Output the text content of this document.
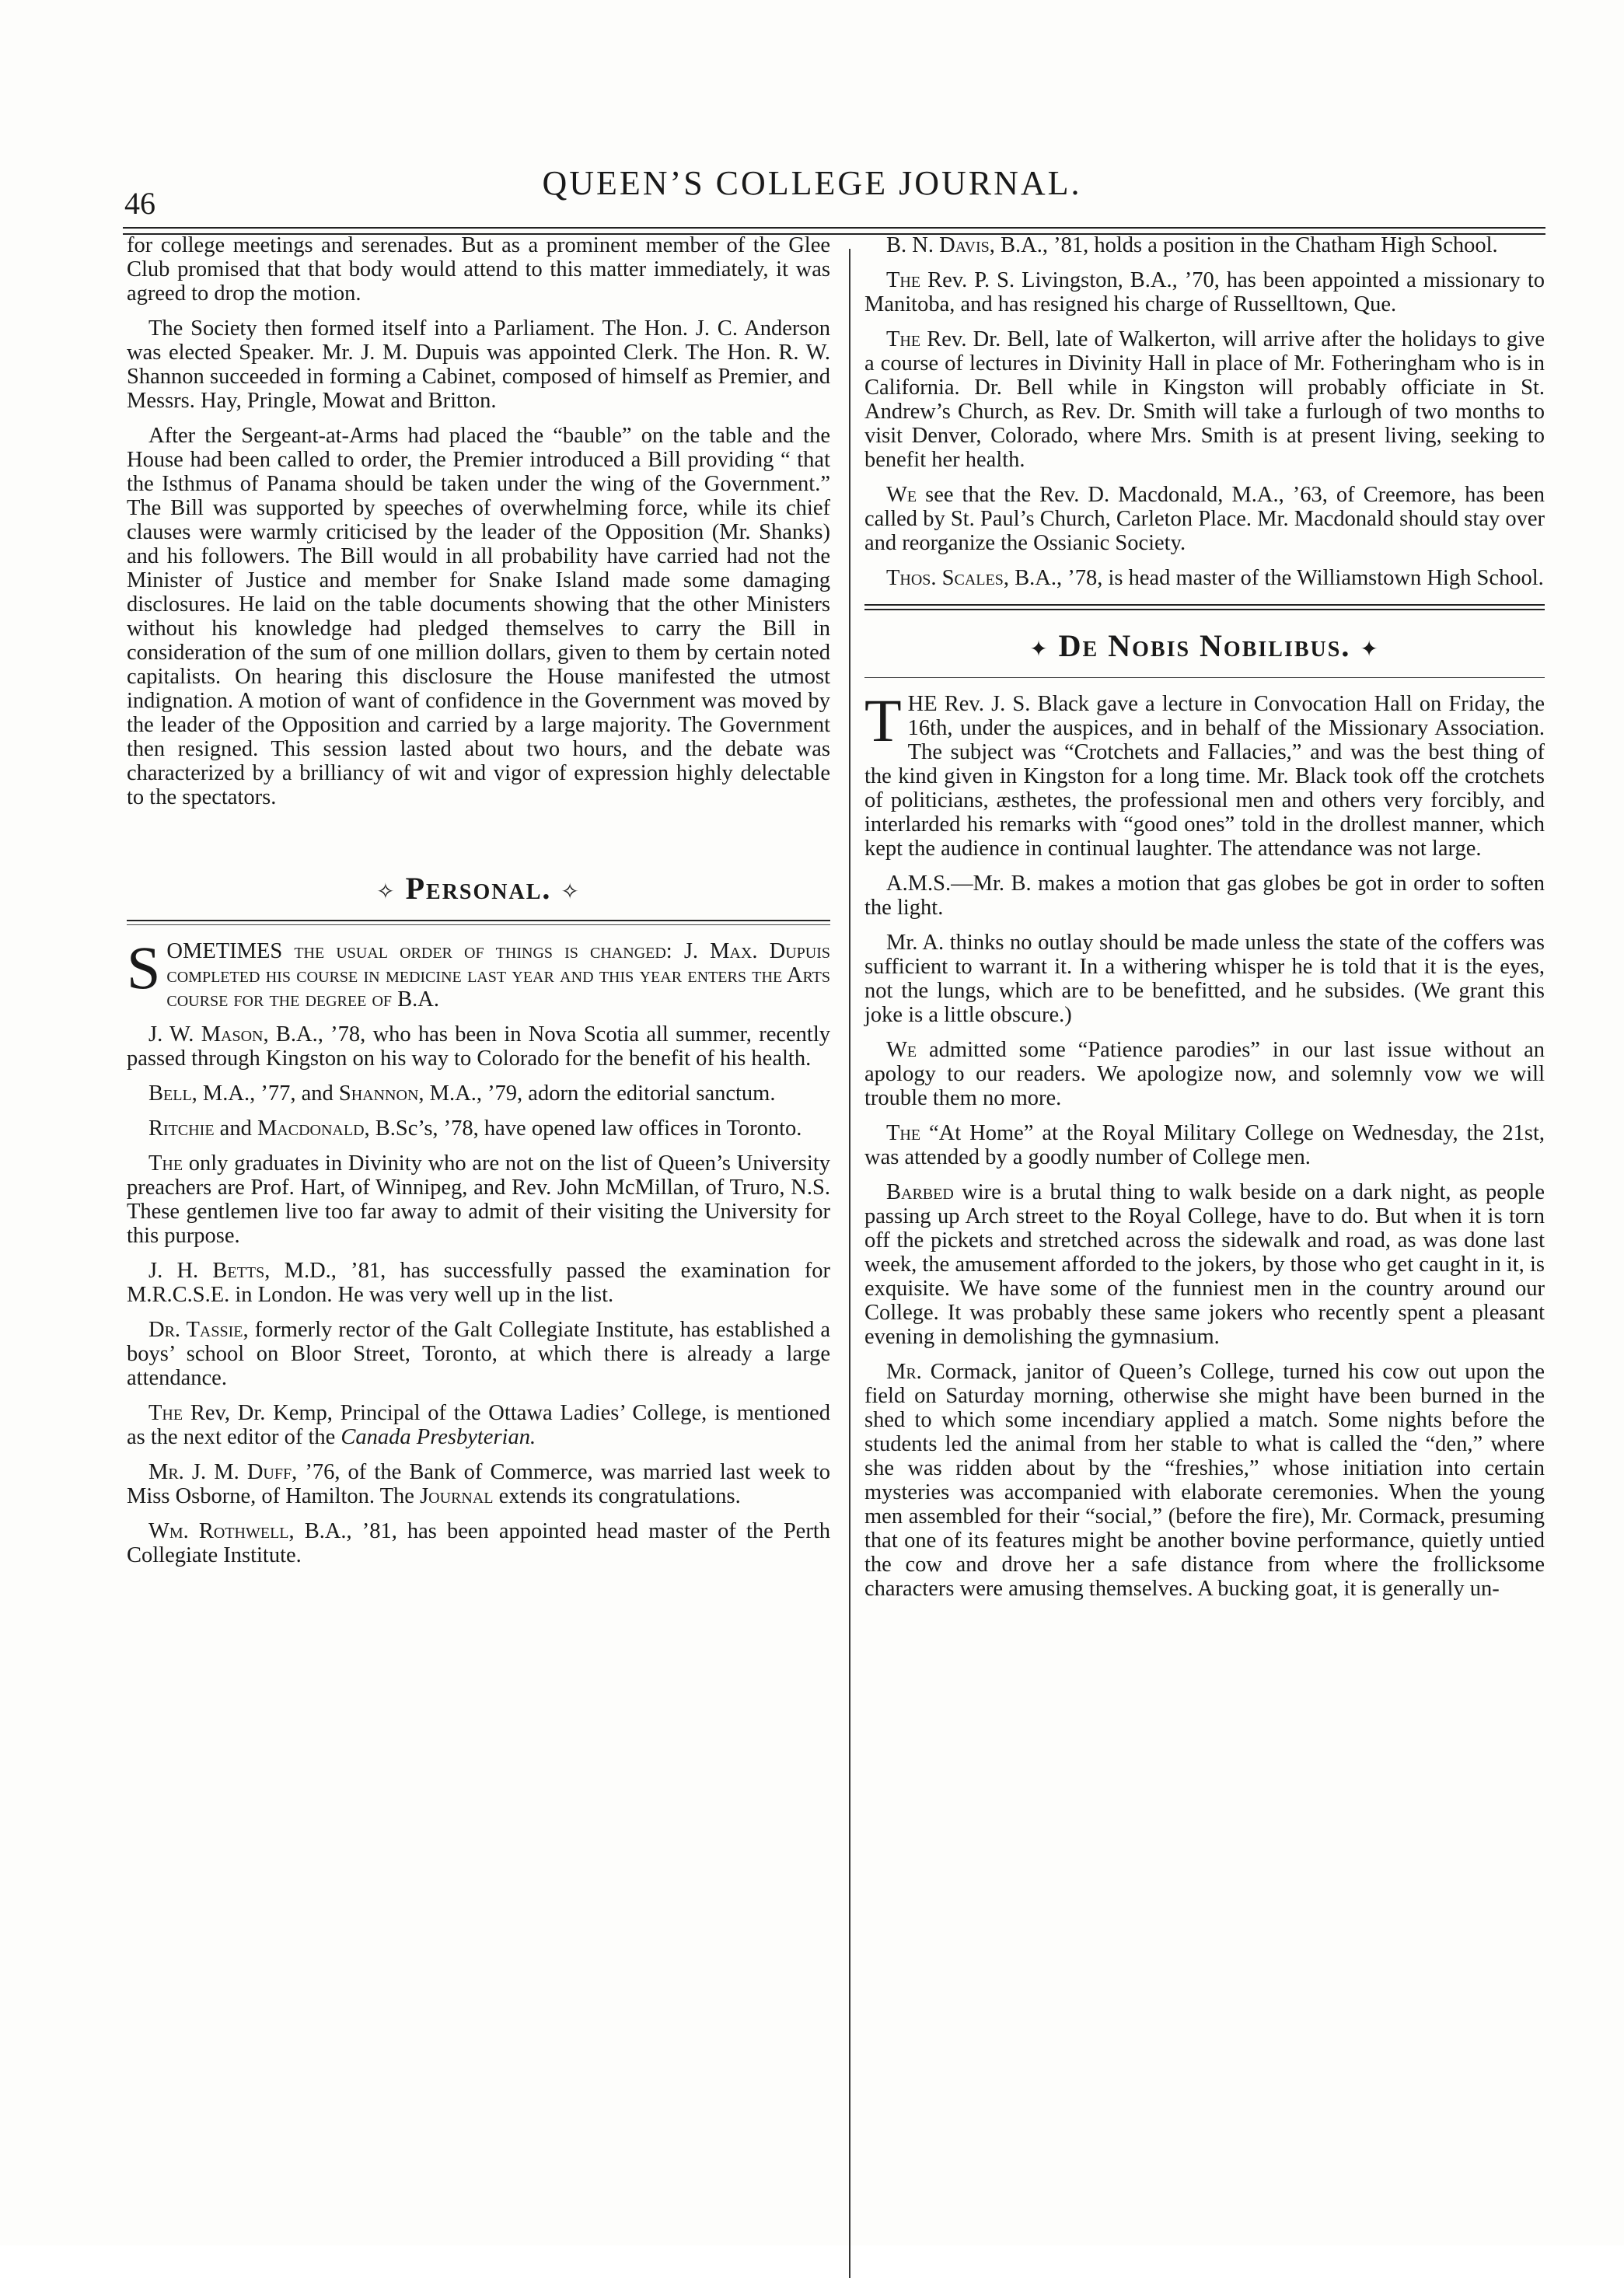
46
QUEEN’S COLLEGE JOURNAL.

for college meetings and serenades. But as a prominent member of the Glee Club promised that that body would attend to this matter immediately, it was agreed to drop the motion.

The Society then formed itself into a Parliament. The Hon. J. C. Anderson was elected Speaker. Mr. J. M. Dupuis was appointed Clerk. The Hon. R. W. Shannon succeeded in forming a Cabinet, composed of himself as Premier, and Messrs. Hay, Pringle, Mowat and Britton.

After the Sergeant-at-Arms had placed the “bauble” on the table and the House had been called to order, the Premier introduced a Bill providing “ that the Isthmus of Panama should be taken under the wing of the Government.” The Bill was supported by speeches of overwhelming force, while its chief clauses were warmly criticised by the leader of the Opposition (Mr. Shanks) and his followers. The Bill would in all probability have carried had not the Minister of Justice and member for Snake Island made some damaging disclosures. He laid on the table documents showing that the other Ministers without his knowledge had pledged themselves to carry the Bill in consideration of the sum of one million dollars, given to them by certain noted capitalists. On hearing this disclosure the House manifested the utmost indignation. A motion of want of confidence in the Government was moved by the leader of the Opposition and carried by a large majority. The Government then resigned. This session lasted about two hours, and the debate was characterized by a brilliancy of wit and vigor of expression highly delectable to the spectators.

✧ Personal. ✧

SOMETIMES the usual order of things is changed: J. Max. Dupuis completed his course in medicine last year and this year enters the Arts course for the degree of B.A.

J. W. Mason, B.A., ’78, who has been in Nova Scotia all summer, recently passed through Kingston on his way to Colorado for the benefit of his health.

Bell, M.A., ’77, and Shannon, M.A., ’79, adorn the editorial sanctum.

Ritchie and Macdonald, B.Sc’s, ’78, have opened law offices in Toronto.

The only graduates in Divinity who are not on the list of Queen’s University preachers are Prof. Hart, of Winnipeg, and Rev. John McMillan, of Truro, N.S. These gentlemen live too far away to admit of their visiting the University for this purpose.

J. H. Betts, M.D., ’81, has successfully passed the examination for M.R.C.S.E. in London. He was very well up in the list.

Dr. Tassie, formerly rector of the Galt Collegiate Institute, has established a boys’ school on Bloor Street, Toronto, at which there is already a large attendance.

The Rev, Dr. Kemp, Principal of the Ottawa Ladies’ College, is mentioned as the next editor of the Canada Presbyterian.

Mr. J. M. Duff, ’76, of the Bank of Commerce, was married last week to Miss Osborne, of Hamilton. The Journal extends its congratulations.

Wm. Rothwell, B.A., ’81, has been appointed head master of the Perth Collegiate Institute.

B. N. Davis, B.A., ’81, holds a position in the Chatham High School.

The Rev. P. S. Livingston, B.A., ’70, has been appointed a missionary to Manitoba, and has resigned his charge of Russelltown, Que.

The Rev. Dr. Bell, late of Walkerton, will arrive after the holidays to give a course of lectures in Divinity Hall in place of Mr. Fotheringham who is in California. Dr. Bell while in Kingston will probably officiate in St. Andrew’s Church, as Rev. Dr. Smith will take a furlough of two months to visit Denver, Colorado, where Mrs. Smith is at present living, seeking to benefit her health.

We see that the Rev. D. Macdonald, M.A., ’63, of Creemore, has been called by St. Paul’s Church, Carleton Place. Mr. Macdonald should stay over and reorganize the Ossianic Society.

Thos. Scales, B.A., ’78, is head master of the Williamstown High School.

✦ De Nobis Nobilibus. ✦

THE Rev. J. S. Black gave a lecture in Convocation Hall on Friday, the 16th, under the auspices, and in behalf of the Missionary Association. The subject was “Crotchets and Fallacies,” and was the best thing of the kind given in Kingston for a long time. Mr. Black took off the crotchets of politicians, æsthetes, the professional men and others very forcibly, and interlarded his remarks with “good ones” told in the drollest manner, which kept the audience in continual laughter. The attendance was not large.

A.M.S.—Mr. B. makes a motion that gas globes be got in order to soften the light.

Mr. A. thinks no outlay should be made unless the state of the coffers was sufficient to warrant it. In a withering whisper he is told that it is the eyes, not the lungs, which are to be benefitted, and he subsides. (We grant this joke is a little obscure.)

We admitted some “Patience parodies” in our last issue without an apology to our readers. We apologize now, and solemnly vow we will trouble them no more.

The “At Home” at the Royal Military College on Wednesday, the 21st, was attended by a goodly number of College men.

Barbed wire is a brutal thing to walk beside on a dark night, as people passing up Arch street to the Royal College, have to do. But when it is torn off the pickets and stretched across the sidewalk and road, as was done last week, the amusement afforded to the jokers, by those who get caught in it, is exquisite. We have some of the funniest men in the country around our College. It was probably these same jokers who recently spent a pleasant evening in demolishing the gymnasium.

Mr. Cormack, janitor of Queen’s College, turned his cow out upon the field on Saturday morning, otherwise she might have been burned in the shed to which some incendiary applied a match. Some nights before the students led the animal from her stable to what is called the “den,” where she was ridden about by the “freshies,” whose initiation into certain mysteries was accompanied with elaborate ceremonies. When the young men assembled for their “social,” (before the fire), Mr. Cormack, presuming that one of its features might be another bovine performance, quietly untied the cow and drove her a safe distance from where the frollicksome characters were amusing themselves. A bucking goat, it is generally un-
